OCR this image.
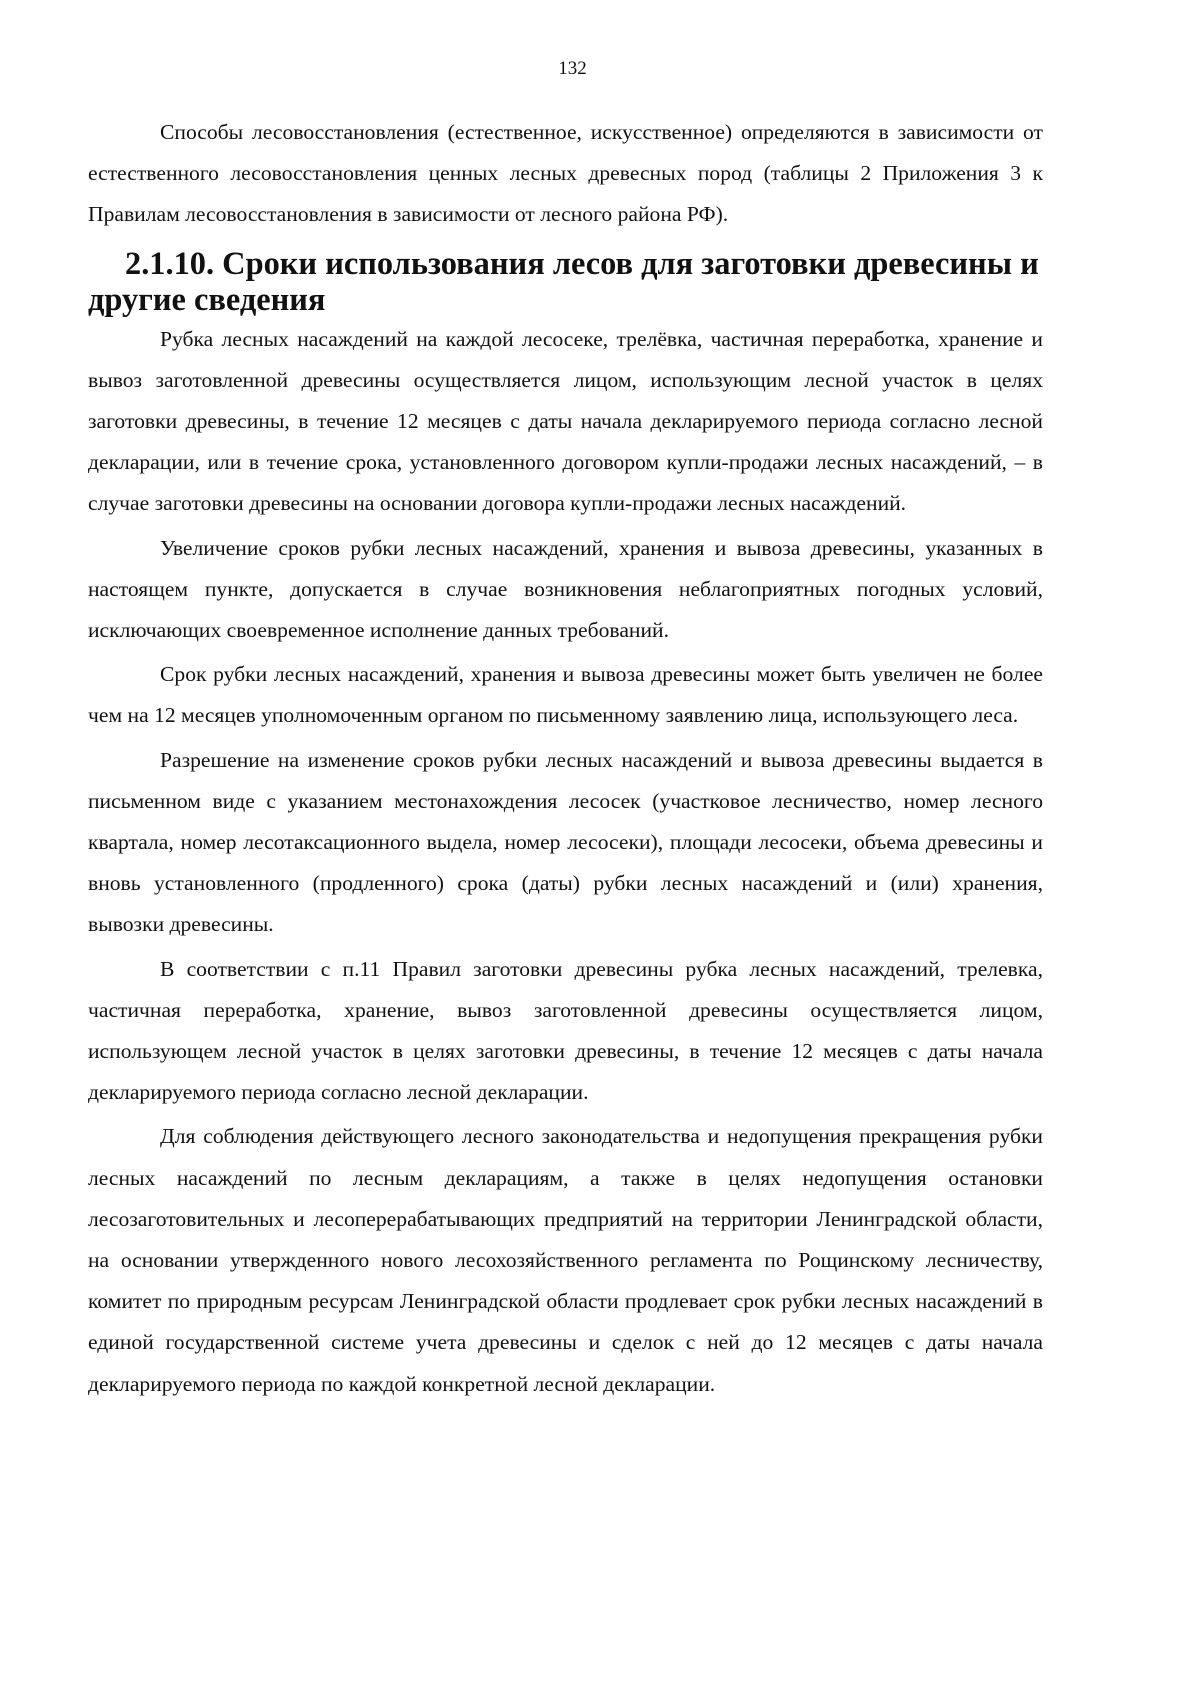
132

Способы лесовосстановления (естественное, искусственное) определяются в зависимости от естественного лесовосстановления ценных лесных древесных пород (таблицы 2 Приложения 3 к Правилам лесовосстановления в зависимости от лесного района РФ).

2.1.10. Сроки использования лесов для заготовки древесины и другие сведения

Рубка лесных насаждений на каждой лесосеке, трелёвка, частичная переработка, хранение и вывоз заготовленной древесины осуществляется лицом, использующим лесной участок в целях заготовки древесины, в течение 12 месяцев с даты начала декларируемого периода согласно лесной декларации, или в течение срока, установленного договором купли-продажи лесных насаждений, – в случае заготовки древесины на основании договора купли-продажи лесных насаждений.

Увеличение сроков рубки лесных насаждений, хранения и вывоза древесины, указанных в настоящем пункте, допускается в случае возникновения неблагоприятных погодных условий, исключающих своевременное исполнение данных требований.

Срок рубки лесных насаждений, хранения и вывоза древесины может быть увеличен не более чем на 12 месяцев уполномоченным органом по письменному заявлению лица, использующего леса.

Разрешение на изменение сроков рубки лесных насаждений и вывоза древесины выдается в письменном виде с указанием местонахождения лесосек (участковое лесничество, номер лесного квартала, номер лесотаксационного выдела, номер лесосеки), площади лесосеки, объема древесины и вновь установленного (продленного) срока (даты) рубки лесных насаждений и (или) хранения, вывозки древесины.

В соответствии с п.11 Правил заготовки древесины рубка лесных насаждений, трелевка, частичная переработка, хранение, вывоз заготовленной древесины осуществляется лицом, использующем лесной участок в целях заготовки древесины, в течение 12 месяцев с даты начала декларируемого периода согласно лесной декларации.

Для соблюдения действующего лесного законодательства и недопущения прекращения рубки лесных насаждений по лесным декларациям, а также в целях недопущения остановки лесозаготовительных и лесоперерабатывающих предприятий на территории Ленинградской области, на основании утвержденного нового лесохозяйственного регламента по Рощинскому лесничеству, комитет по природным ресурсам Ленинградской области продлевает срок рубки лесных насаждений в единой государственной системе учета древесины и сделок с ней до 12 месяцев с даты начала декларируемого периода по каждой конкретной лесной декларации.
